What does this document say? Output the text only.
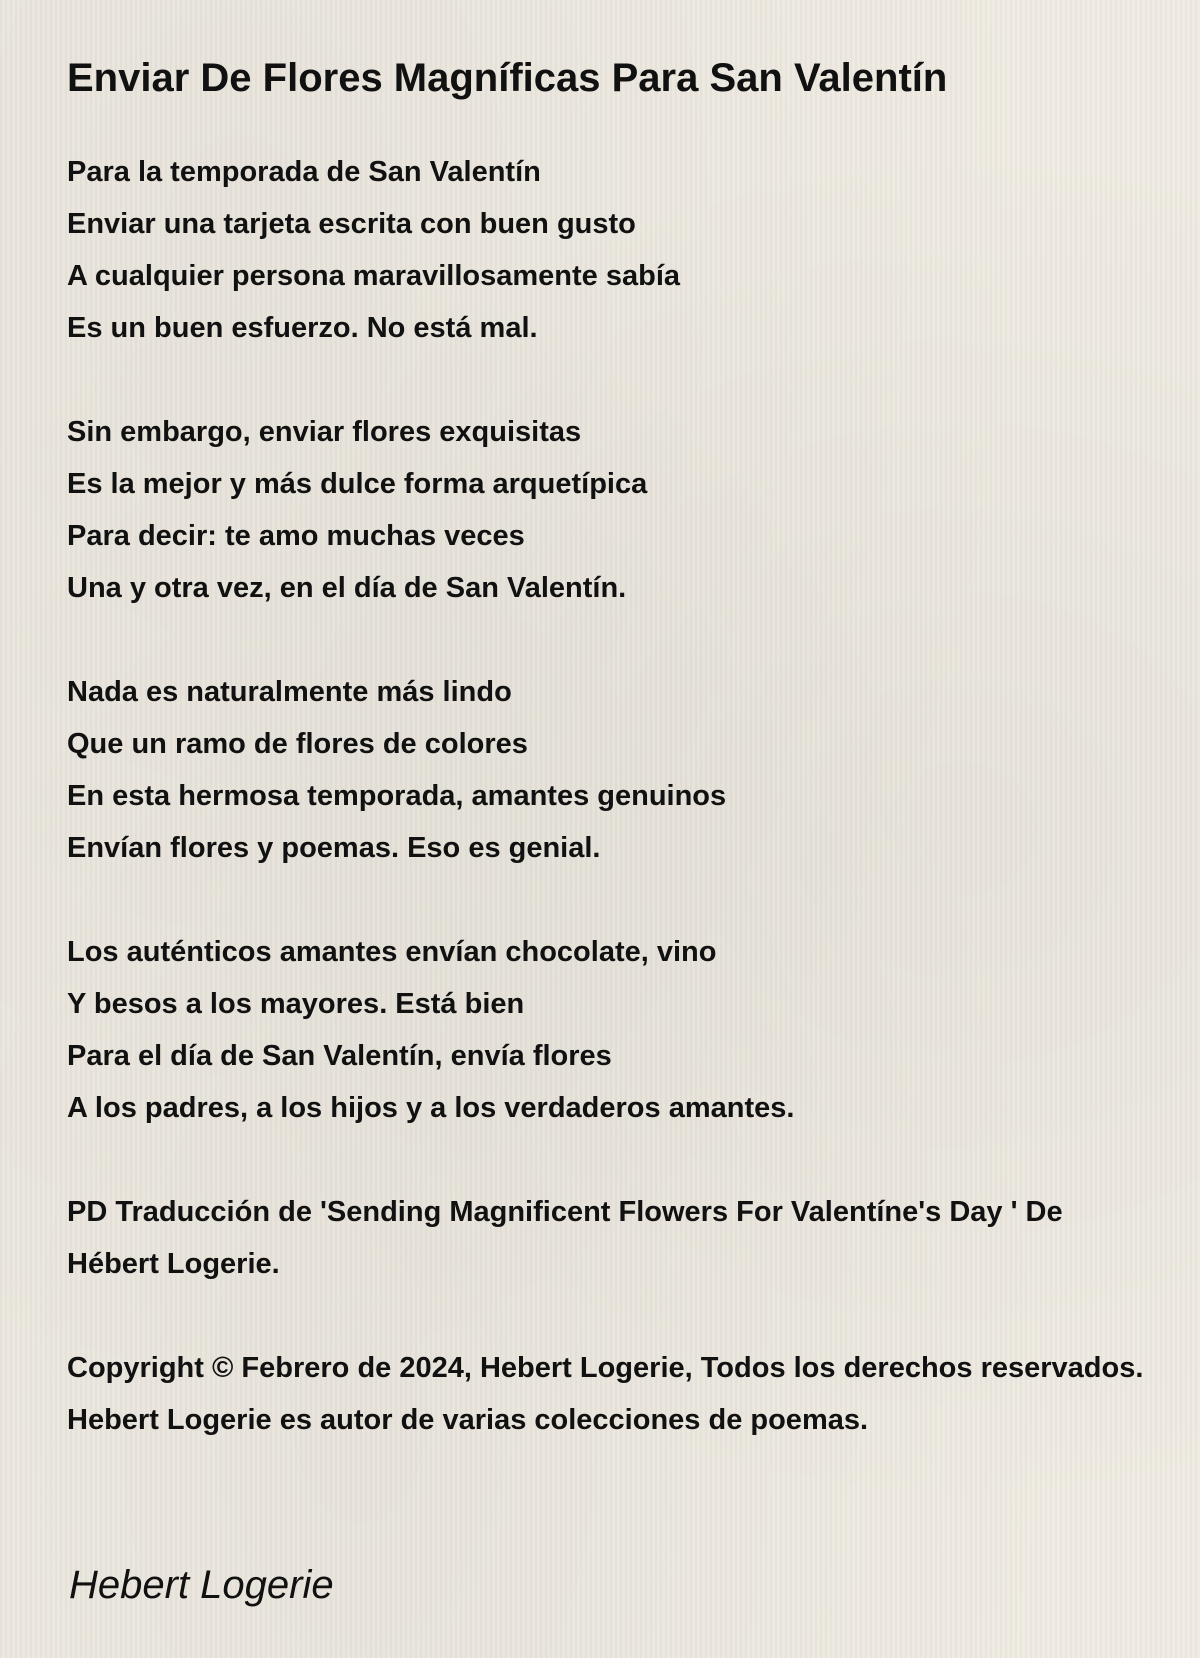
Enviar De Flores Magníficas Para San Valentín
Para la temporada de San Valentín
Enviar una tarjeta escrita con buen gusto
A cualquier persona maravillosamente sabía
Es un buen esfuerzo. No está mal.
Sin embargo, enviar flores exquisitas
Es la mejor y más dulce forma arquetípica
Para decir: te amo muchas veces
Una y otra vez, en el día de San Valentín.
Nada es naturalmente más lindo
Que un ramo de flores de colores
En esta hermosa temporada, amantes genuinos
Envían flores y poemas. Eso es genial.
Los auténticos amantes envían chocolate, vino
Y besos a los mayores. Está bien
Para el día de San Valentín, envía flores
A los padres, a los hijos y a los verdaderos amantes.
PD Traducción de 'Sending Magnificent Flowers For Valentíne's Day ' De Hébert Logerie.
Copyright © Febrero de 2024, Hebert Logerie, Todos los derechos reservados.
Hebert Logerie es autor de varias colecciones de poemas.
Hebert Logerie
